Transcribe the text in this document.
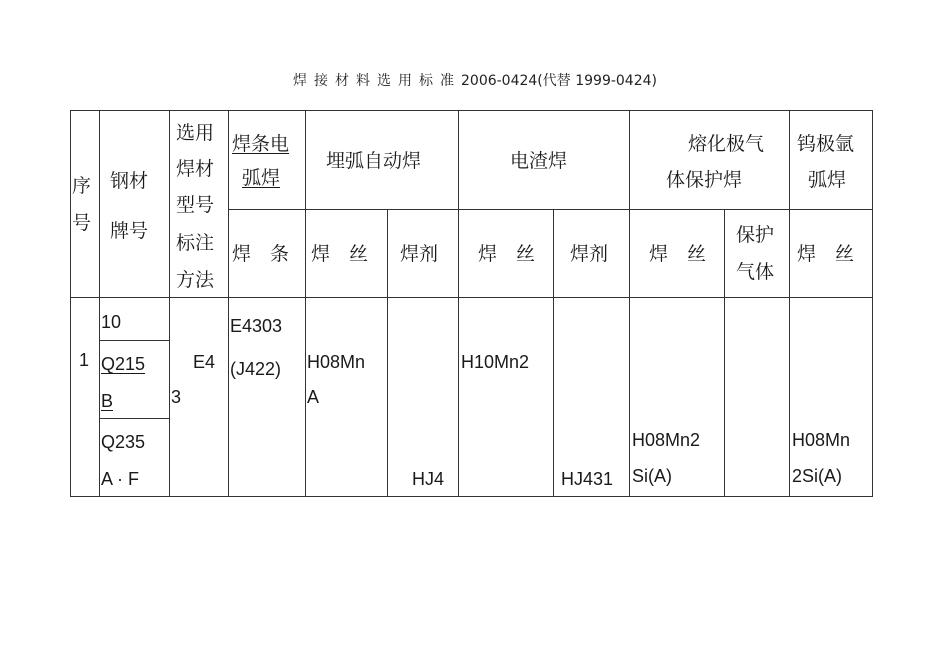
焊接材料选用标准2006-0424(代替 1999-0424)
序
号
钢材
牌号
选用
焊材
型号
标注
方法
焊条电
弧焊
埋弧自动焊	电渣焊
熔化极气
体保护焊
钨极氩
弧焊
焊　条 焊　丝 焊剂 焊　丝 焊剂 焊　丝
保护
气体
焊　丝
1
10
Q215
B
Q235
A · F
E4
3
E4303
(J422) H08Mn
A
HJ4
H10Mn2
HJ431
H08Mn2
Si(A)
H08Mn
2Si(A)
